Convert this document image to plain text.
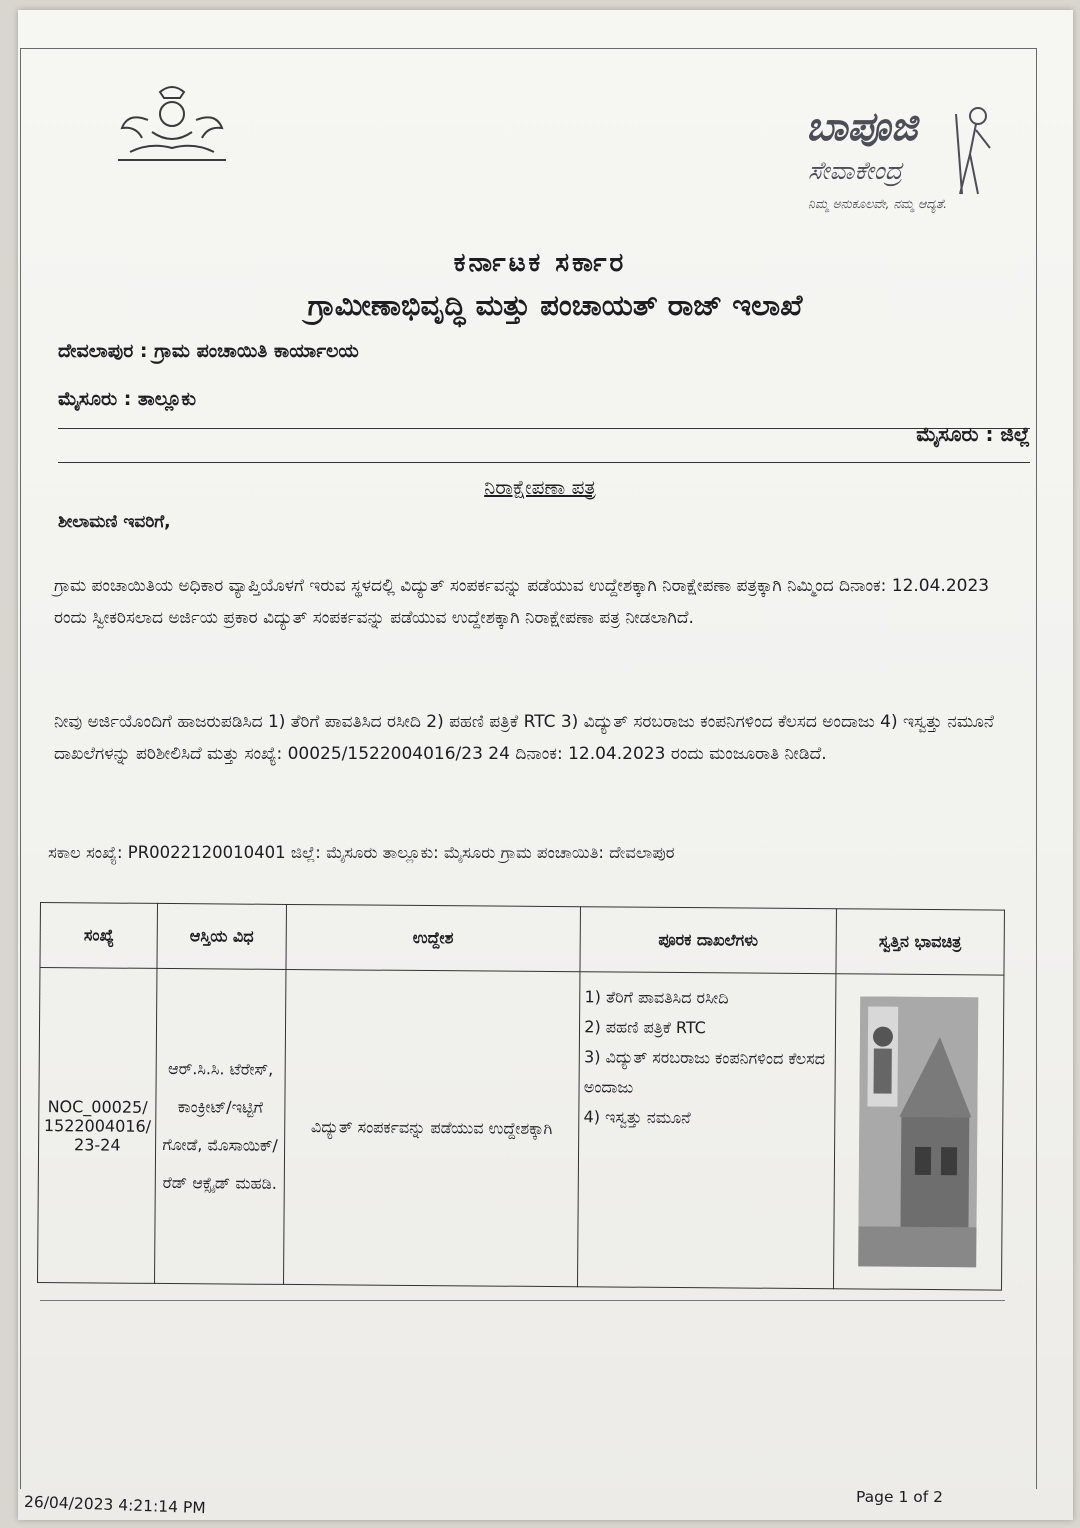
ಬಾಪೂಜಿ
ಸೇವಾಕೇಂದ್ರ
ನಿಮ್ಮ ಅನುಕೂಲವೇ, ನಮ್ಮ ಆದ್ಯತೆ.
ಕರ್ನಾಟಕ ಸರ್ಕಾರ
ಗ್ರಾಮೀಣಾಭಿವೃದ್ಧಿ ಮತ್ತು ಪಂಚಾಯತ್ ರಾಜ್ ಇಲಾಖೆ
ದೇವಲಾಪುರ : ಗ್ರಾಮ ಪಂಚಾಯಿತಿ ಕಾರ್ಯಾಲಯ
ಮೈಸೂರು : ತಾಲ್ಲೂಕು
ಮೈಸೂರು : ಜಿಲ್ಲೆ
ನಿರಾಕ್ಷೇಪಣಾ ಪತ್ರ
ಶೀಲಾಮಣಿ ಇವರಿಗೆ,
ಗ್ರಾಮ ಪಂಚಾಯಿತಿಯ ಅಧಿಕಾರ ವ್ಯಾಪ್ತಿಯೊಳಗೆ ಇರುವ ಸ್ಥಳದಲ್ಲಿ ವಿದ್ಯುತ್ ಸಂಪರ್ಕವನ್ನು ಪಡೆಯುವ ಉದ್ದೇಶಕ್ಕಾಗಿ ನಿರಾಕ್ಷೇಪಣಾ ಪತ್ರಕ್ಕಾಗಿ ನಿಮ್ಮಿಂದ ದಿನಾಂಕ: 12.04.2023 ರಂದು ಸ್ವೀಕರಿಸಲಾದ ಅರ್ಜಿಯ ಪ್ರಕಾರ ವಿದ್ಯುತ್ ಸಂಪರ್ಕವನ್ನು ಪಡೆಯುವ ಉದ್ದೇಶಕ್ಕಾಗಿ ನಿರಾಕ್ಷೇಪಣಾ ಪತ್ರ ನೀಡಲಾಗಿದೆ.
ನೀವು ಅರ್ಜಿಯೊಂದಿಗೆ ಹಾಜರುಪಡಿಸಿದ 1) ತೆರಿಗೆ ಪಾವತಿಸಿದ ರಸೀದಿ 2) ಪಹಣಿ ಪತ್ರಿಕೆ RTC 3) ವಿದ್ಯುತ್ ಸರಬರಾಜು ಕಂಪನಿಗಳಿಂದ ಕೆಲಸದ ಅಂದಾಜು 4) ಇಸ್ವತ್ತು ನಮೂನೆ ದಾಖಲೆಗಳನ್ನು ಪರಿಶೀಲಿಸಿದೆ ಮತ್ತು ಸಂಖ್ಯೆ: 00025/1522004016/23 24 ದಿನಾಂಕ: 12.04.2023 ರಂದು ಮಂಜೂರಾತಿ ನೀಡಿದೆ.
ಸಕಾಲ ಸಂಖ್ಯೆ: PR0022120010401 ಜಿಲ್ಲೆ: ಮೈಸೂರು ತಾಲ್ಲೂಕು: ಮೈಸೂರು ಗ್ರಾಮ ಪಂಚಾಯಿತಿ: ದೇವಲಾಪುರ
ಸಂಖ್ಯೆ	ಆಸ್ತಿಯ ವಿಧ	ಉದ್ದೇಶ	ಪೂರಕ ದಾಖಲೆಗಳು	ಸ್ವತ್ತಿನ ಭಾವಚಿತ್ರ
NOC_00025/1522004016/23-24	ಆರ್.ಸಿ.ಸಿ. ಟೆರೇಸ್, ಕಾಂಕ್ರೀಟ್/ಇಟ್ಟಿಗೆ ಗೋಡೆ, ಮೊಸಾಯಿಕ್/ರೆಡ್ ಆಕ್ಸೈಡ್ ಮಹಡಿ.	ವಿದ್ಯುತ್ ಸಂಪರ್ಕವನ್ನು ಪಡೆಯುವ ಉದ್ದೇಶಕ್ಕಾಗಿ	1) ತೆರಿಗೆ ಪಾವತಿಸಿದ ರಸೀದಿ
2) ಪಹಣಿ ಪತ್ರಿಕೆ RTC
3) ವಿದ್ಯುತ್ ಸರಬರಾಜು ಕಂಪನಿಗಳಿಂದ ಕೆಲಸದ ಅಂದಾಜು
4) ಇಸ್ವತ್ತು ನಮೂನೆ

26/04/2023 4:21:14 PM	Page 1 of 2
